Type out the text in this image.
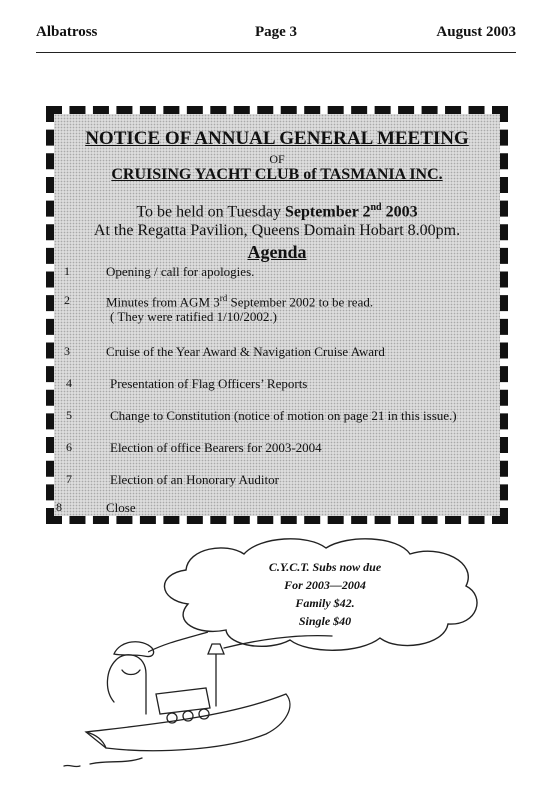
Albatross	Page 3	August 2003
NOTICE OF ANNUAL GENERAL MEETING
OF
CRUISING YACHT CLUB of TASMANIA INC.
To be held on Tuesday September 2nd 2003
At the Regatta Pavilion, Queens Domain Hobart 8.00pm.
Agenda
1	Opening / call for apologies.
2	Minutes from AGM 3rd September 2002 to be read.
( They were ratified 1/10/2002.)
3	Cruise of the Year Award & Navigation Cruise Award
4	Presentation of Flag Officers’ Reports
5	Change to Constitution (notice of motion on page 21 in this issue.)
6	Election of office Bearers for 2003-2004
7	Election of an Honorary Auditor
8	Close
C.Y.C.T. Subs now due
For 2003—2004
Family $42.
Single $40
